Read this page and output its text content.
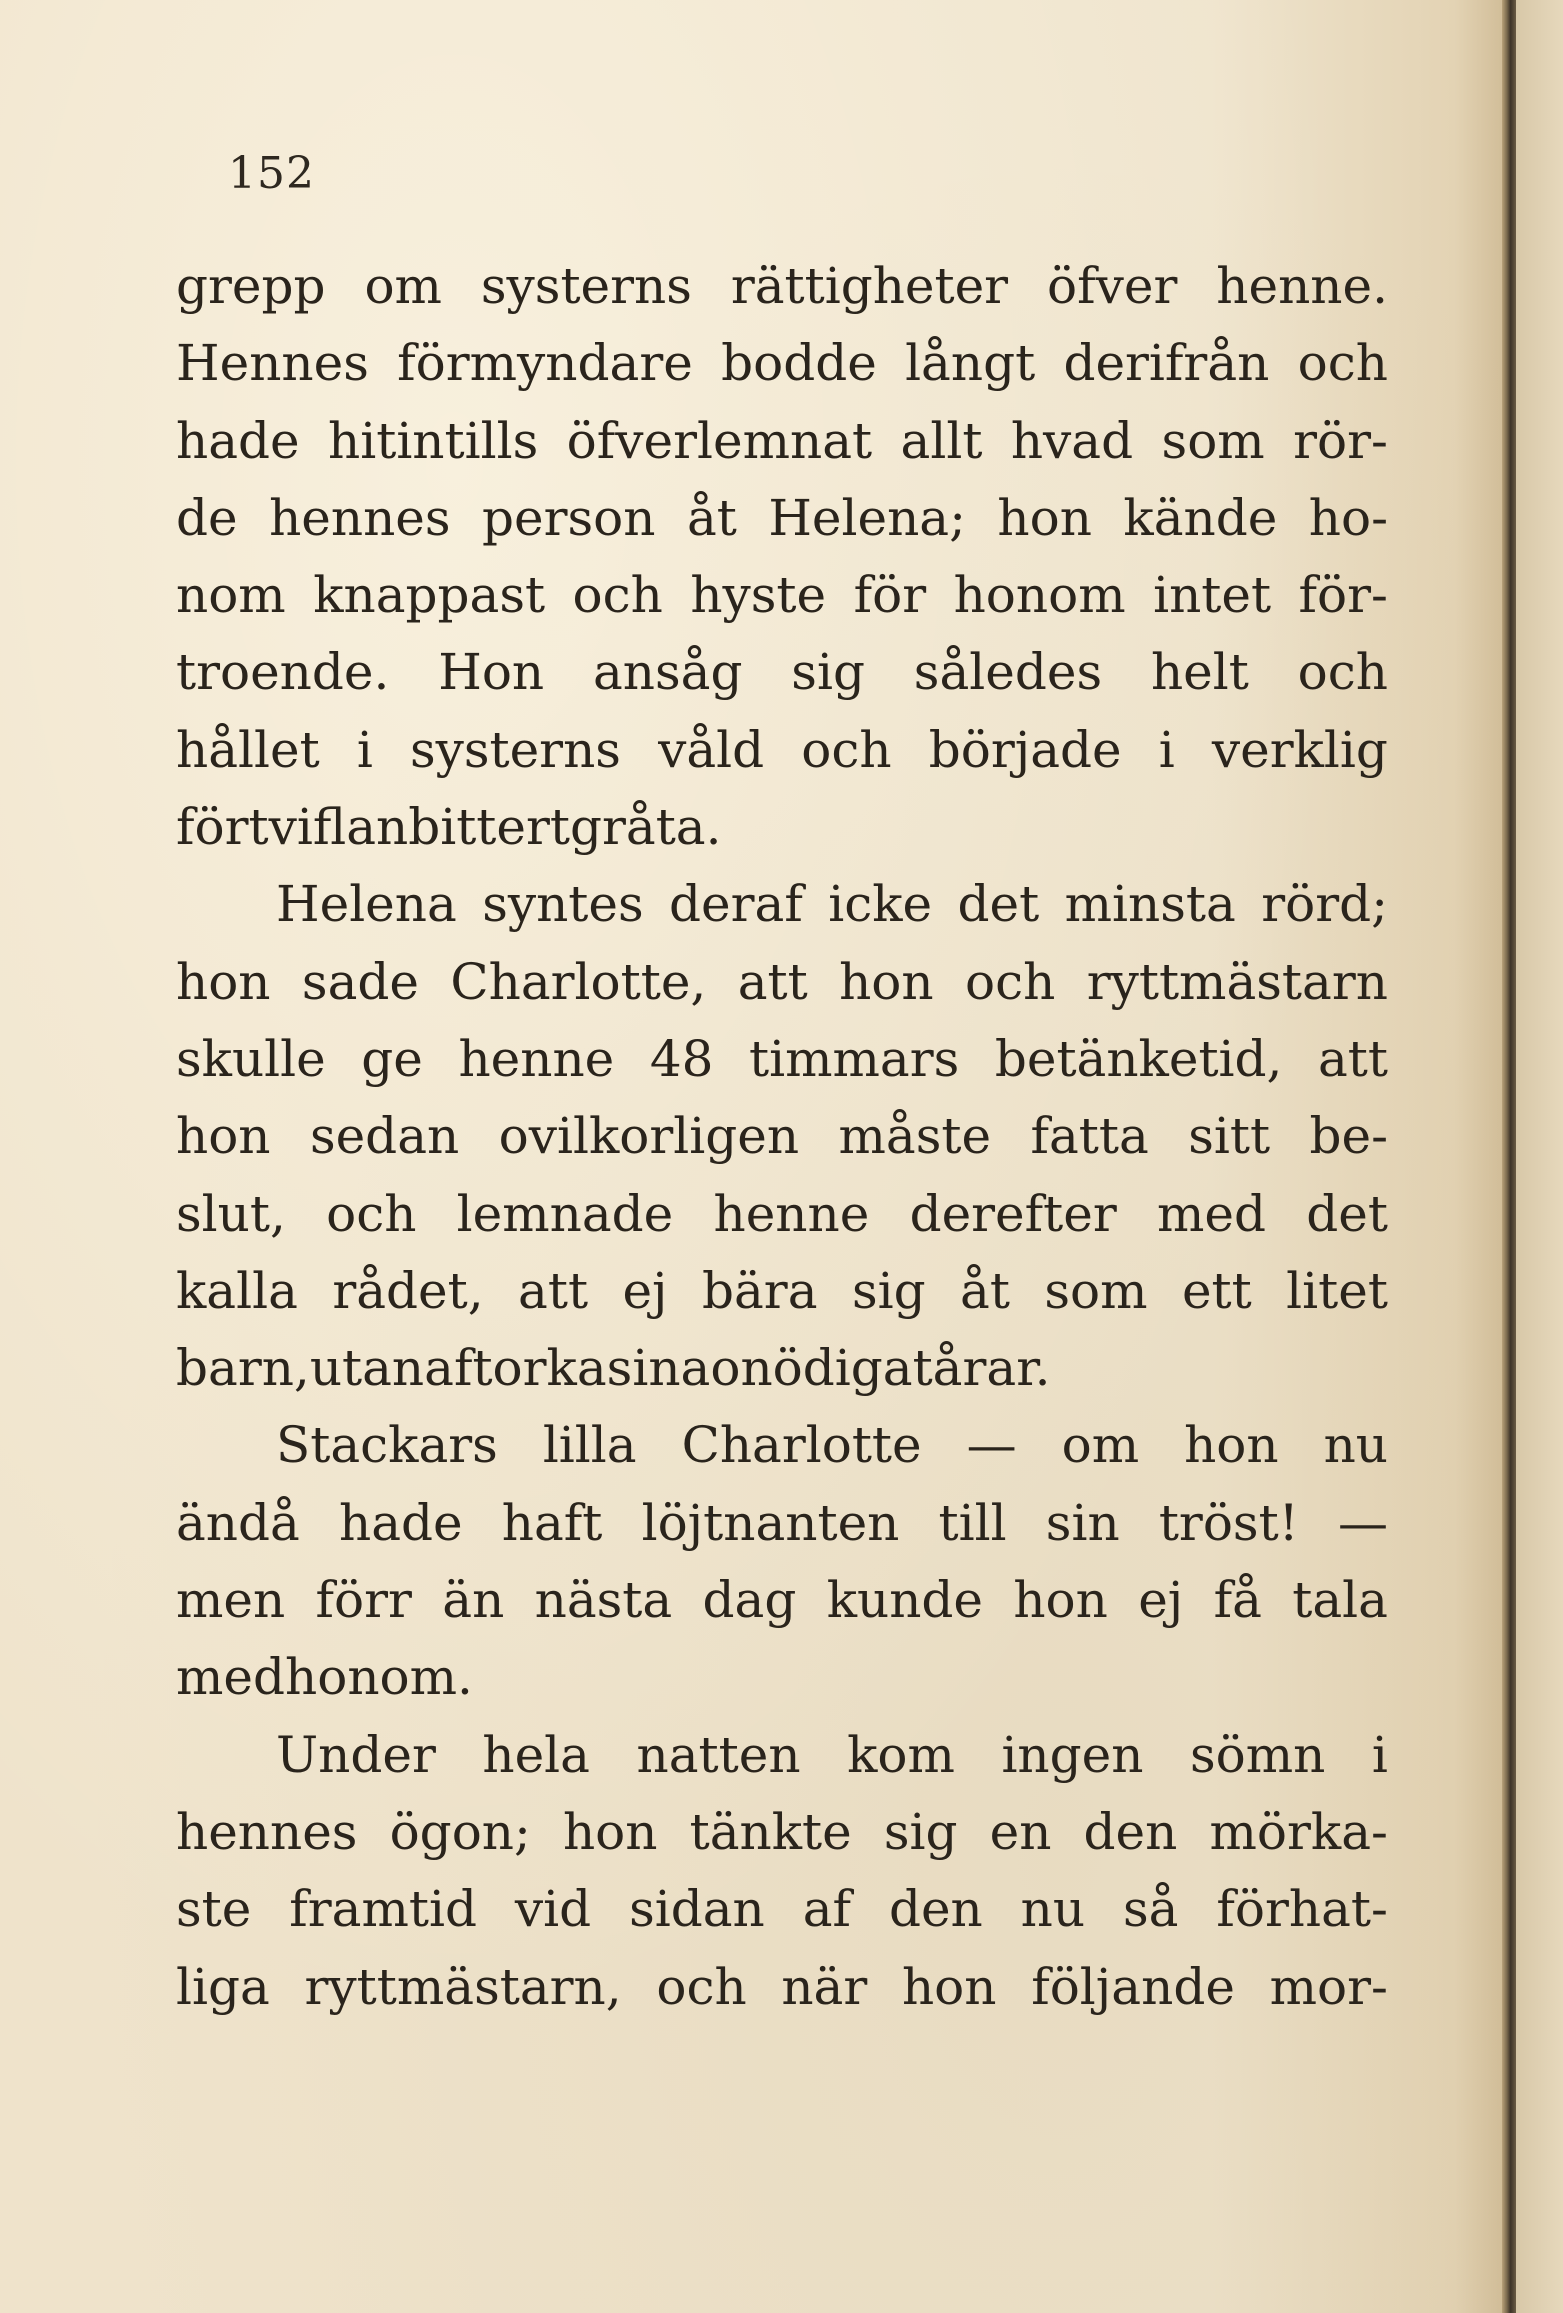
152
grepp om systerns rättigheter öfver henne.
Hennes förmyndare bodde långt derifrån och
hade hitintills öfverlemnat allt hvad som rör-
de hennes person åt Helena; hon kände ho-
nom knappast och hyste för honom intet för-
troende. Hon ansåg sig således helt och
hållet i systerns våld och började i verklig
förtviflan bittert gråta.
Helena syntes deraf icke det minsta rörd;
hon sade Charlotte, att hon och ryttmästarn
skulle ge henne 48 timmars betänketid, att
hon sedan ovilkorligen måste fatta sitt be-
slut, och lemnade henne derefter med det
kalla rådet, att ej bära sig åt som ett litet
barn, utan aftorka sina onödiga tårar.
Stackars lilla Charlotte — om hon nu
ändå hade haft löjtnanten till sin tröst! —
men förr än nästa dag kunde hon ej få tala
med honom.
Under hela natten kom ingen sömn i
hennes ögon; hon tänkte sig en den mörka-
ste framtid vid sidan af den nu så förhat-
liga ryttmästarn, och när hon följande mor-
